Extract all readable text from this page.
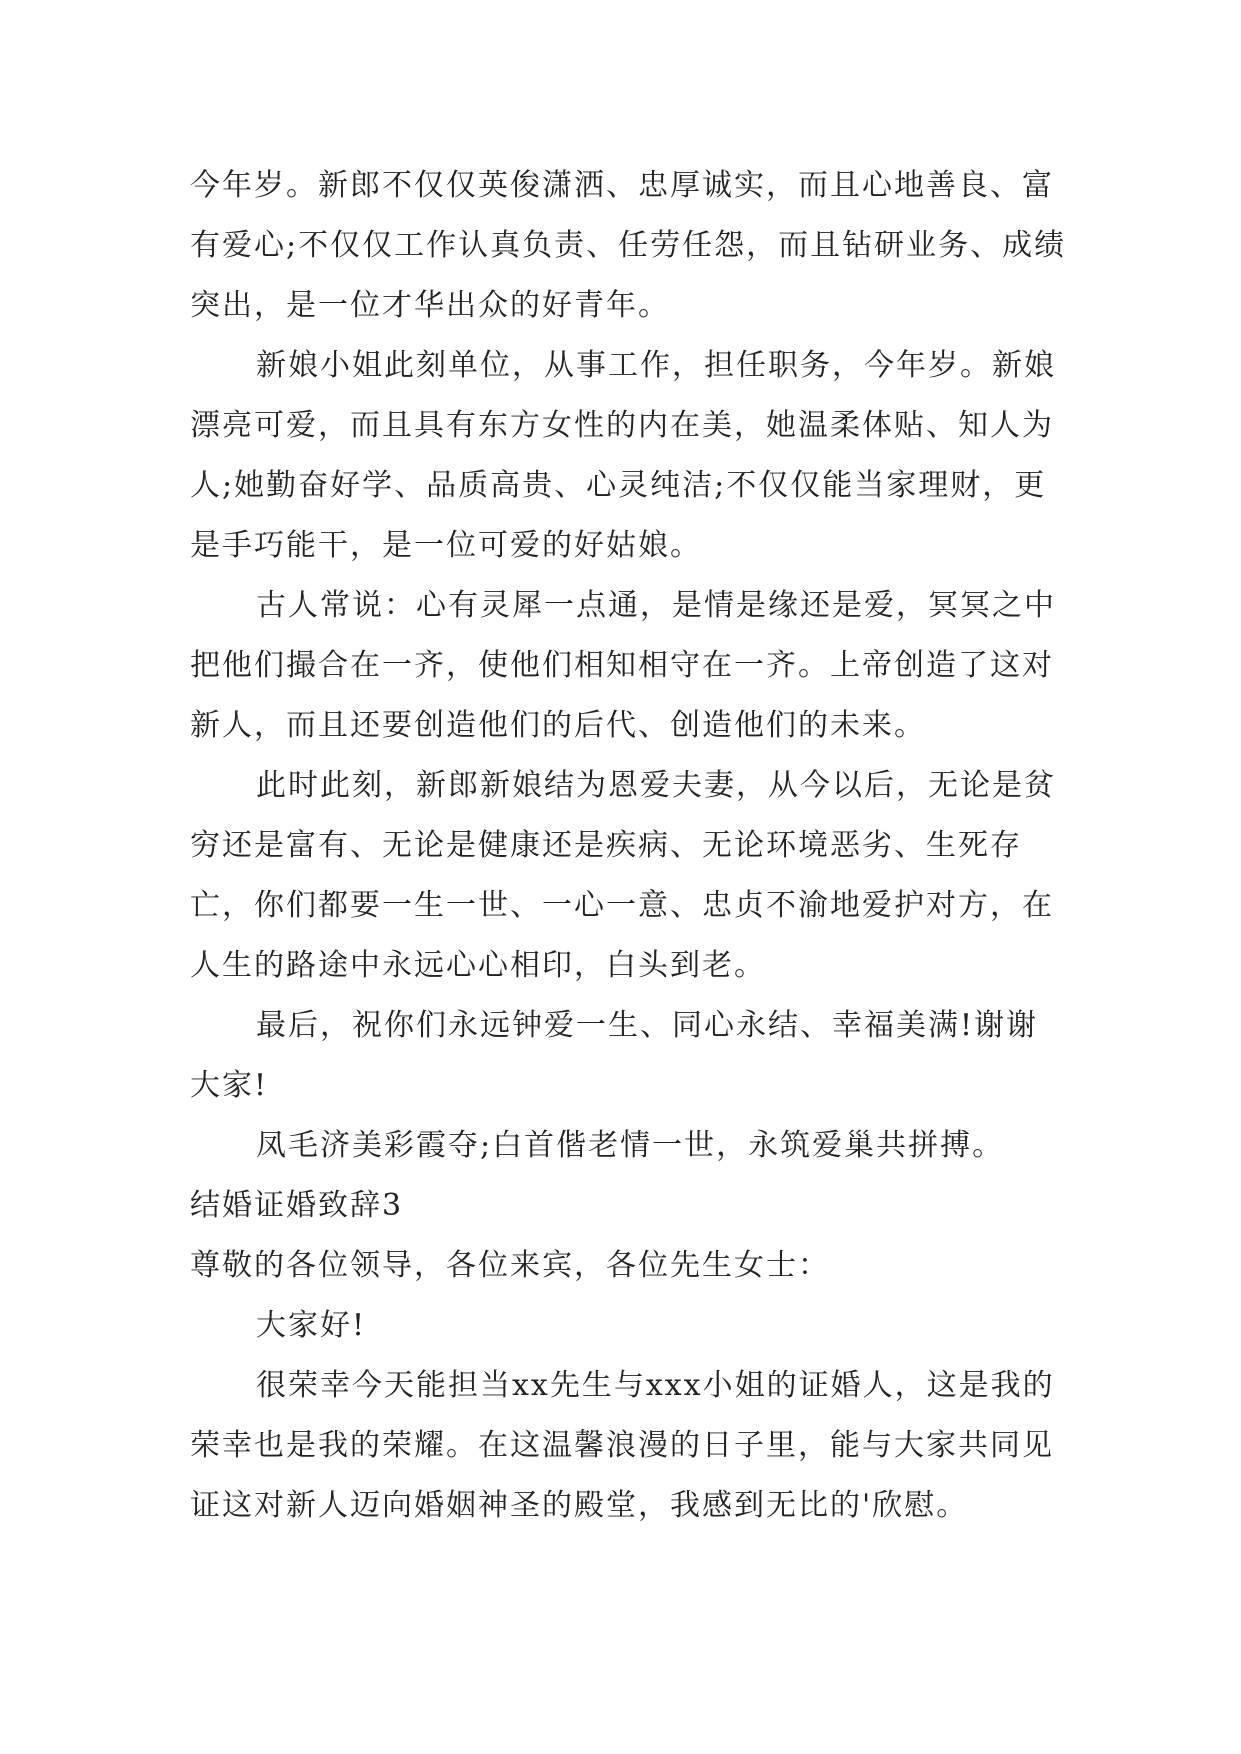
今年岁。新郎不仅仅英俊潇洒、忠厚诚实，而且心地善良、富有爱心;不仅仅工作认真负责、任劳任怨，而且钻研业务、成绩突出，是一位才华出众的好青年。

新娘小姐此刻单位，从事工作，担任职务，今年岁。新娘漂亮可爱，而且具有东方女性的内在美，她温柔体贴、知人为人;她勤奋好学、品质高贵、心灵纯洁;不仅仅能当家理财，更是手巧能干，是一位可爱的好姑娘。

古人常说：心有灵犀一点通，是情是缘还是爱，冥冥之中把他们撮合在一齐，使他们相知相守在一齐。上帝创造了这对新人，而且还要创造他们的后代、创造他们的未来。

此时此刻，新郎新娘结为恩爱夫妻，从今以后，无论是贫穷还是富有、无论是健康还是疾病、无论环境恶劣、生死存亡，你们都要一生一世、一心一意、忠贞不渝地爱护对方，在人生的路途中永远心心相印，白头到老。

最后，祝你们永远钟爱一生、同心永结、幸福美满!谢谢大家!

凤毛济美彩霞夺;白首偕老情一世，永筑爱巢共拼搏。

结婚证婚致辞3

尊敬的各位领导，各位来宾，各位先生女士：

大家好!

很荣幸今天能担当xx先生与xxx小姐的证婚人，这是我的荣幸也是我的荣耀。在这温馨浪漫的日子里，能与大家共同见证这对新人迈向婚姻神圣的殿堂，我感到无比的'欣慰。
